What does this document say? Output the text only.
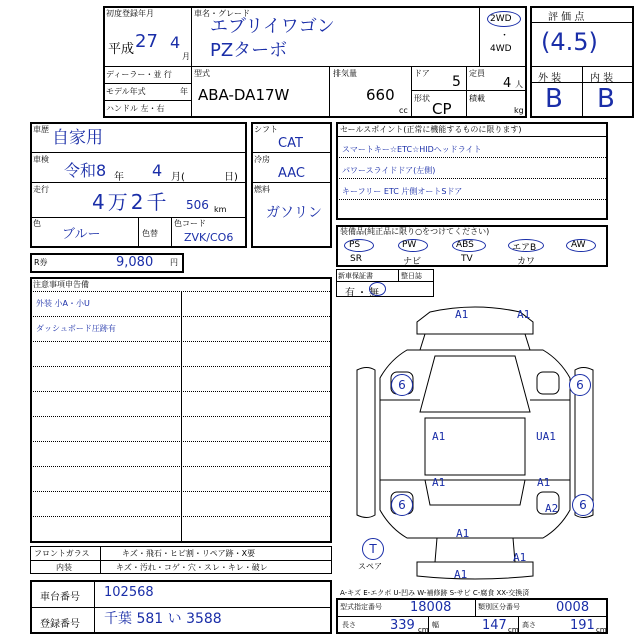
初度登録年月
平成 27 4
月
車名・グレード
エブリイワゴン
PZターボ
2WD
・
4WD
ディーラー・並 行
モデル年式	年
ハンドル 左・右
型式
ABA-DA17W
排気量
660
cc
ドア
5
定員
4 人
形状
CP
積載
kg
評 価 点
(4.5)
外 装	内 装
B B
車歴 自家用
車検
令和8 年 4 月(	日)
走行
4万2千 506 km
色
ブルー	色替
色コード
ZVK/CO6
R券	9,080 円
シフト
CAT
冷房
AAC
燃料
ガソリン
セールスポイント(正常に機能するものに限ります)
スマートキー☆ETC☆HIDヘッドライト
パワースライドドア(左側)
キーフリー ETC 片側オートSドア
装備品(純正品に限り○をつけてください)
PS	PW	ABS	エアB	AW
SR	ナビ	TV	カワ
新車保証書	整日誌
有・無
注意事項申告備
外装 小A・小U
ダッシュボード圧跡有
A1	A1
6	6
A1	UA1
A1	A1
6	A2	6
A1
A1
A1
T
スペア
フロントガラス	キズ・飛石・ヒビ割・リペア跡・X要
内装	キズ・汚れ・コゲ・穴・スレ・キレ・破レ
車台番号 102568
登録番号 千葉 581 い 3588
A-キズ E-エクボ U-凹み W-補修跡 S-サビ C-腐食 XX-交換済
型式指定番号 18008	類別区分番号	0008
長さ	339 cm
幅	147 cm
高さ	191 cm
